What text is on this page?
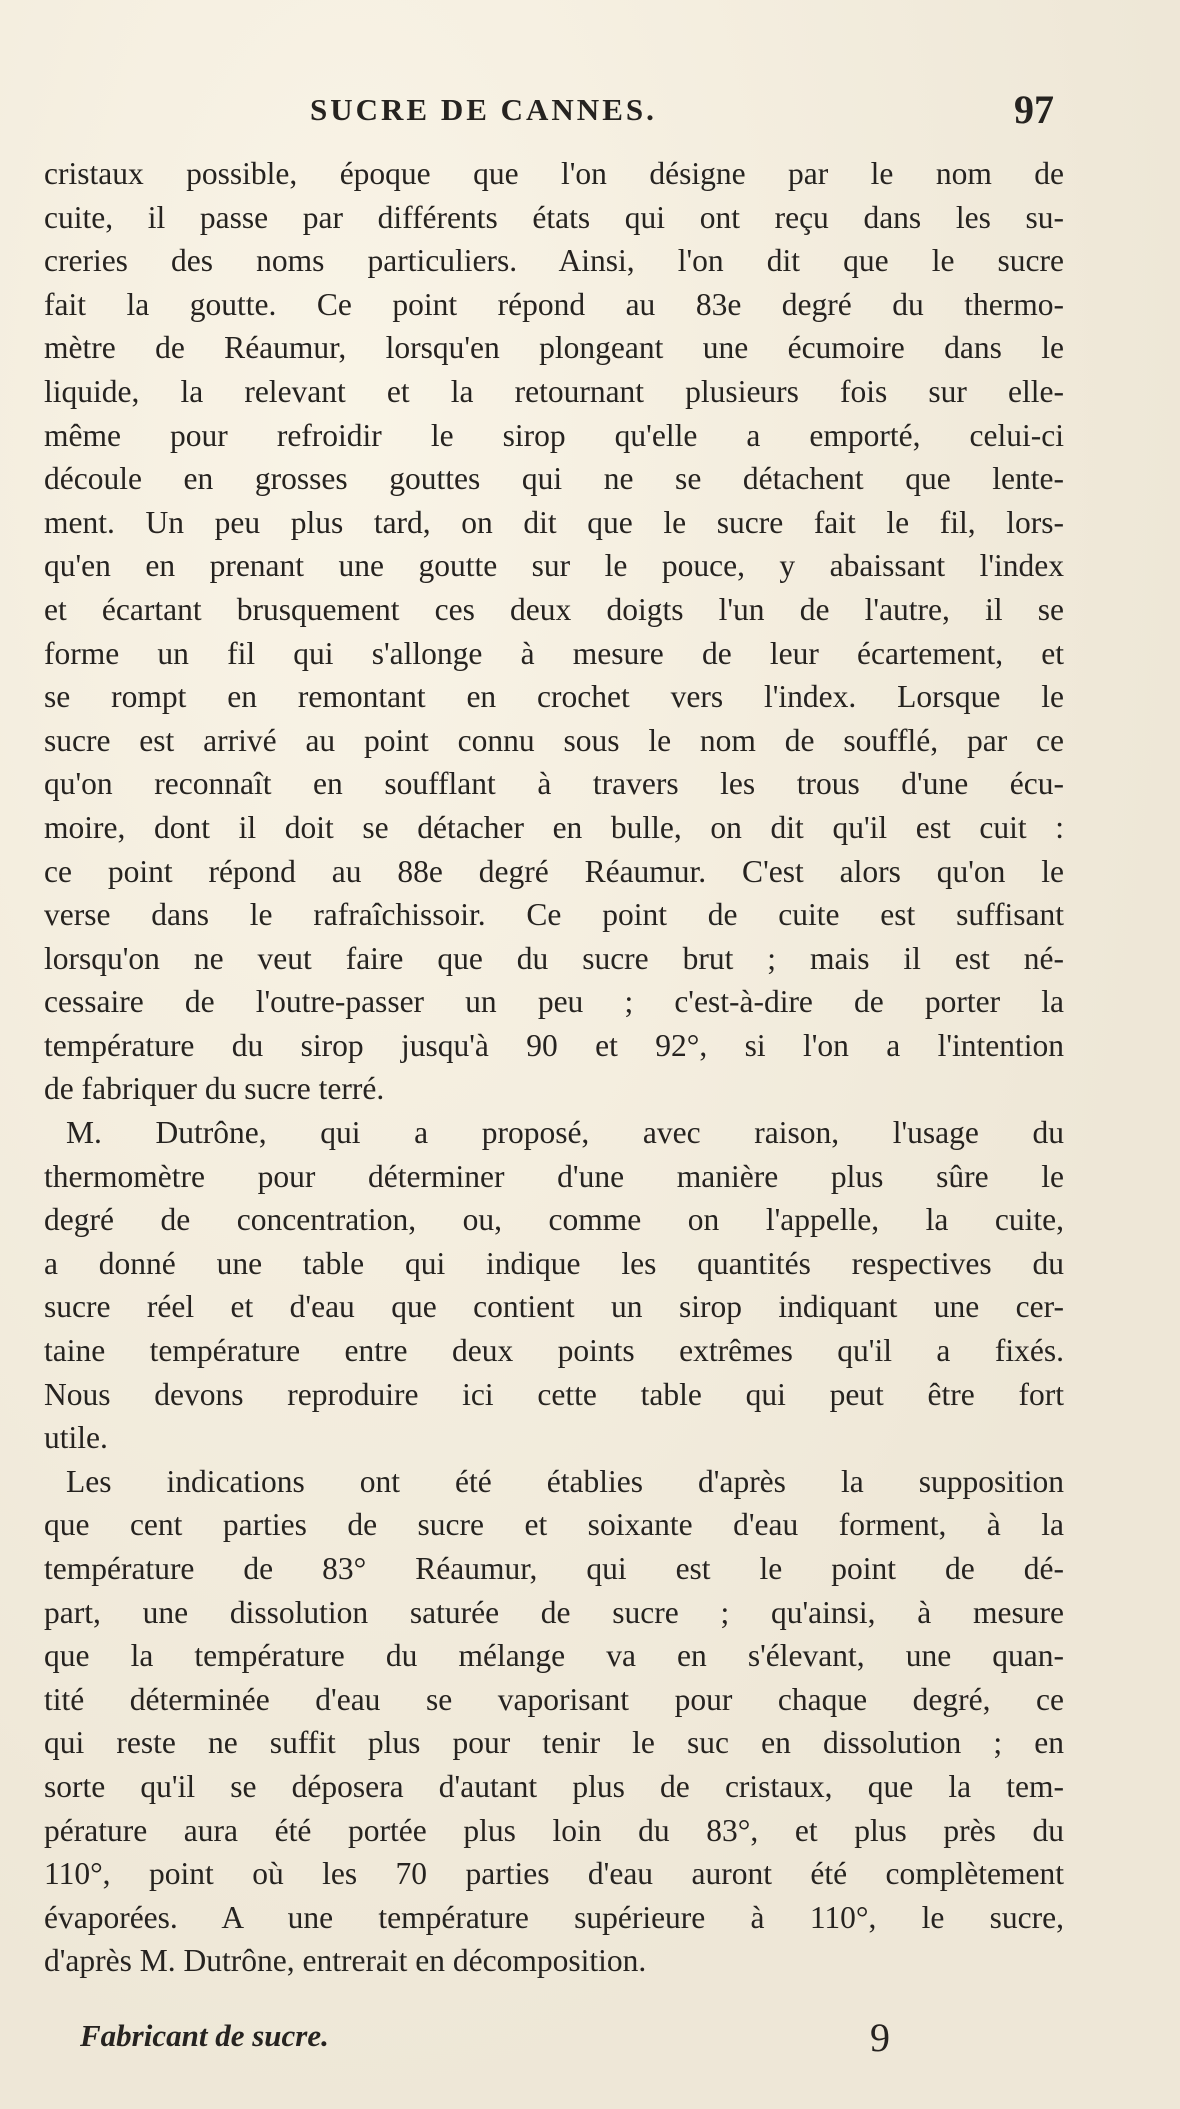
SUCRE DE CANNES.	97
cristaux possible, époque que l'on désigne par le nom de
cuite, il passe par différents états qui ont reçu dans les su-
creries des noms particuliers. Ainsi, l'on dit que le sucre
fait la goutte. Ce point répond au 83e degré du thermo-
mètre de Réaumur, lorsqu'en plongeant une écumoire dans le
liquide, la relevant et la retournant plusieurs fois sur elle-
même pour refroidir le sirop qu'elle a emporté, celui-ci
découle en grosses gouttes qui ne se détachent que lente-
ment. Un peu plus tard, on dit que le sucre fait le fil, lors-
qu'en en prenant une goutte sur le pouce, y abaissant l'index
et écartant brusquement ces deux doigts l'un de l'autre, il se
forme un fil qui s'allonge à mesure de leur écartement, et
se rompt en remontant en crochet vers l'index. Lorsque le
sucre est arrivé au point connu sous le nom de soufflé, par ce
qu'on reconnaît en soufflant à travers les trous d'une écu-
moire, dont il doit se détacher en bulle, on dit qu'il est cuit :
ce point répond au 88e degré Réaumur. C'est alors qu'on le
verse dans le rafraîchissoir. Ce point de cuite est suffisant
lorsqu'on ne veut faire que du sucre brut ; mais il est né-
cessaire de l'outre-passer un peu ; c'est-à-dire de porter la
température du sirop jusqu'à 90 et 92°, si l'on a l'intention
de fabriquer du sucre terré.
M. Dutrône, qui a proposé, avec raison, l'usage du
thermomètre pour déterminer d'une manière plus sûre le
degré de concentration, ou, comme on l'appelle, la cuite,
a donné une table qui indique les quantités respectives du
sucre réel et d'eau que contient un sirop indiquant une cer-
taine température entre deux points extrêmes qu'il a fixés.
Nous devons reproduire ici cette table qui peut être fort
utile.
Les indications ont été établies d'après la supposition
que cent parties de sucre et soixante d'eau forment, à la
température de 83° Réaumur, qui est le point de dé-
part, une dissolution saturée de sucre ; qu'ainsi, à mesure
que la température du mélange va en s'élevant, une quan-
tité déterminée d'eau se vaporisant pour chaque degré, ce
qui reste ne suffit plus pour tenir le suc en dissolution ; en
sorte qu'il se déposera d'autant plus de cristaux, que la tem-
pérature aura été portée plus loin du 83°, et plus près du
110°, point où les 70 parties d'eau auront été complètement
évaporées. A une température supérieure à 110°, le sucre,
d'après M. Dutrône, entrerait en décomposition.
Fabricant de sucre.	9
